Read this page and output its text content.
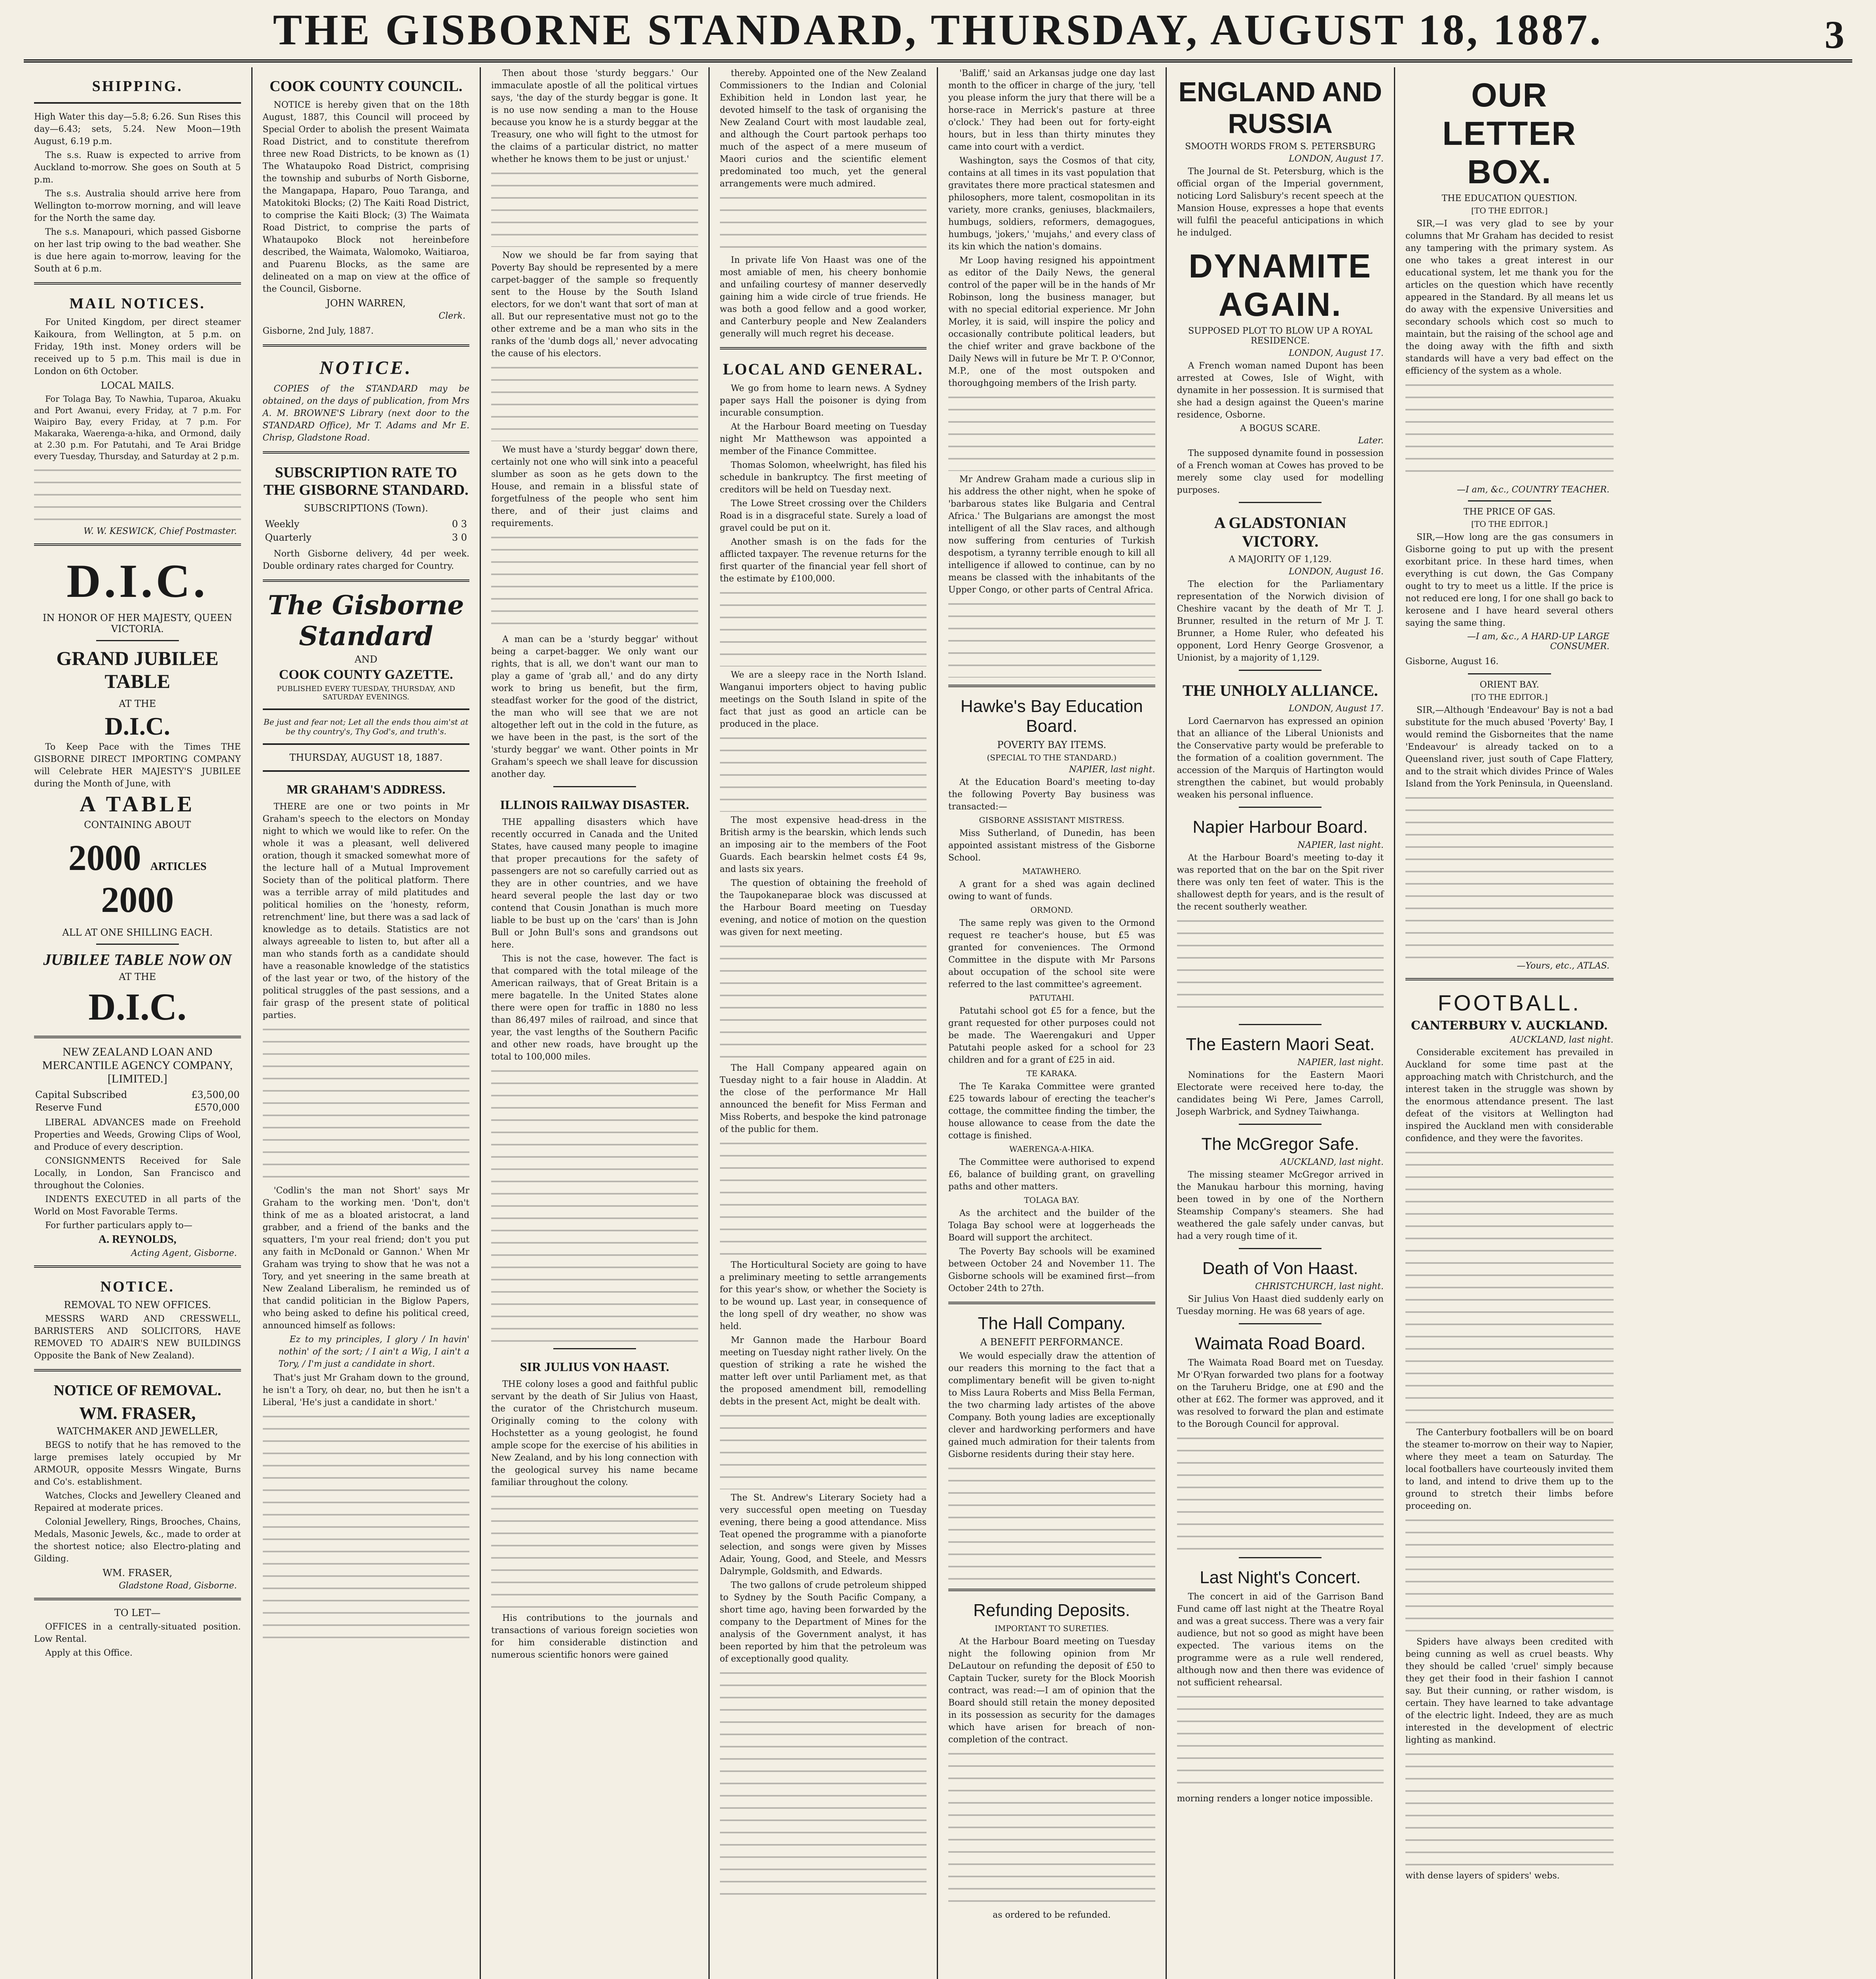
THE GISBORNE STANDARD, THURSDAY, AUGUST 18, 1887.	3
SHIPPING.

High Water this day—5.8; 6.26. Sun Rises this day—6.43; sets, 5.24. New Moon—19th August, 6.19 p.m.

The s.s. Ruaw is expected to arrive from Auckland to-morrow. She goes on South at 5 p.m.

The s.s. Australia should arrive here from Wellington to-morrow morning, and will leave for the North the same day.

The s.s. Manapouri, which passed Gisborne on her last trip owing to the bad weather. She is due here again to-morrow, leaving for the South at 6 p.m.

MAIL NOTICES.

For United Kingdom, per direct steamer Kaikoura, from Wellington, at 5 p.m. on Friday, 19th inst. Money orders will be received up to 5 p.m. This mail is due in London on 6th October.

LOCAL MAILS.

For Tolaga Bay, To Nawhia, Tuparoa, Akuaku and Port Awanui, every Friday, at 7 p.m. For Waipiro Bay, every Friday, at 7 p.m. For Makaraka, Waerenga-a-hika, and Ormond, daily at 2.30 p.m. For Patutahi, and Te Arai Bridge every Tuesday, Thursday, and Saturday at 2 p.m.

W. W. KESWICK, Chief Postmaster.
D.I.C.
IN HONOR OF HER MAJESTY, QUEEN VICTORIA.
GRAND JUBILEE TABLE
AT THE
D.I.C.

To Keep Pace with the Times THE GISBORNE DIRECT IMPORTING COMPANY will Celebrate HER MAJESTY'S JUBILEE during the Month of June, with

A TABLE
CONTAINING ABOUT
2000 ARTICLES 2000
ALL AT ONE SHILLING EACH.
JUBILEE TABLE NOW ON
AT THE
D.I.C.
NEW ZEALAND LOAN AND MERCANTILE AGENCY COMPANY, [LIMITED.]
Capital Subscribed	£3,500,00
Reserve Fund	£570,000

LIBERAL ADVANCES made on Freehold Properties and Weeds, Growing Clips of Wool, and Produce of every description.

CONSIGNMENTS Received for Sale Locally, in London, San Francisco and throughout the Colonies.

INDENTS EXECUTED in all parts of the World on Most Favorable Terms.

For further particulars apply to—

A. REYNOLDS,
Acting Agent, Gisborne.
NOTICE.
REMOVAL TO NEW OFFICES.

MESSRS WARD AND CRESSWELL, BARRISTERS AND SOLICITORS, HAVE REMOVED TO ADAIR'S NEW BUILDINGS Opposite the Bank of New Zealand).

NOTICE OF REMOVAL.
WM. FRASER,
WATCHMAKER AND JEWELLER,

BEGS to notify that he has removed to the large premises lately occupied by Mr ARMOUR, opposite Messrs Wingate, Burns and Co's. establishment.

Watches, Clocks and Jewellery Cleaned and Repaired at moderate prices.

Colonial Jewellery, Rings, Brooches, Chains, Medals, Masonic Jewels, &c., made to order at the shortest notice; also Electro-plating and Gilding.

WM. FRASER,
Gladstone Road, Gisborne.
TO LET—

OFFICES in a centrally-situated position. Low Rental.

Apply at this Office.

COOK COUNTY COUNCIL.

NOTICE is hereby given that on the 18th August, 1887, this Council will proceed by Special Order to abolish the present Waimata Road District, and to constitute therefrom three new Road Districts, to be known as (1) The Whataupoko Road District, comprising the township and suburbs of North Gisborne, the Mangapapa, Haparo, Pouo Taranga, and Matokitoki Blocks; (2) The Kaiti Road District, to comprise the Kaiti Block; (3) The Waimata Road District, to comprise the parts of Whataupoko Block not hereinbefore described, the Waimata, Walomoko, Waitiaroa, and Puarenu Blocks, as the same are delineated on a map on view at the office of the Council, Gisborne.

JOHN WARREN,
Clerk.

Gisborne, 2nd July, 1887.

NOTICE.

COPIES of the STANDARD may be obtained, on the days of publication, from Mrs A. M. BROWNE'S Library (next door to the STANDARD Office), Mr T. Adams and Mr E. Chrisp, Gladstone Road.

SUBSCRIPTION RATE TO THE GISBORNE STANDARD.
SUBSCRIPTIONS (Town).
Weekly	0 3
Quarterly	3 0

North Gisborne delivery, 4d per week. Double ordinary rates charged for Country.

The Gisborne Standard
AND
COOK COUNTY GAZETTE.
PUBLISHED EVERY TUESDAY, THURSDAY, AND SATURDAY EVENINGS.
Be just and fear not; Let all the ends thou aim'st at be thy country's, Thy God's, and truth's.
THURSDAY, AUGUST 18, 1887.
MR GRAHAM'S ADDRESS.

THERE are one or two points in Mr Graham's speech to the electors on Monday night to which we would like to refer. On the whole it was a pleasant, well delivered oration, though it smacked somewhat more of the lecture hall of a Mutual Improvement Society than of the political platform. There was a terrible array of mild platitudes and political homilies on the 'honesty, reform, retrenchment' line, but there was a sad lack of knowledge as to details. Statistics are not always agreeable to listen to, but after all a man who stands forth as a candidate should have a reasonable knowledge of the statistics of the last year or two, of the history of the political struggles of the past sessions, and a fair grasp of the present state of political parties.

'Codlin's the man not Short' says Mr Graham to the working men. 'Don't, don't think of me as a bloated aristocrat, a land grabber, and a friend of the banks and the squatters, I'm your real friend; don't you put any faith in McDonald or Gannon.' When Mr Graham was trying to show that he was not a Tory, and yet sneering in the same breath at New Zealand Liberalism, he reminded us of that candid politician in the Biglow Papers, who being asked to define his political creed, announced himself as follows:

Ez to my principles, I glory / In havin' nothin' of the sort; / I ain't a Wig, I ain't a Tory, / I'm just a candidate in short.

That's just Mr Graham down to the ground, he isn't a Tory, oh dear, no, but then he isn't a Liberal, 'He's just a candidate in short.'

Then about those 'sturdy beggars.' Our immaculate apostle of all the political virtues says, 'the day of the sturdy beggar is gone. It is no use now sending a man to the House because you know he is a sturdy beggar at the Treasury, one who will fight to the utmost for the claims of a particular district, no matter whether he knows them to be just or unjust.'

Now we should be far from saying that Poverty Bay should be represented by a mere carpet-bagger of the sample so frequently sent to the House by the South Island electors, for we don't want that sort of man at all. But our representative must not go to the other extreme and be a man who sits in the ranks of the 'dumb dogs all,' never advocating the cause of his electors.

We must have a 'sturdy beggar' down there, certainly not one who will sink into a peaceful slumber as soon as he gets down to the House, and remain in a blissful state of forgetfulness of the people who sent him there, and of their just claims and requirements.

A man can be a 'sturdy beggar' without being a carpet-bagger. We only want our rights, that is all, we don't want our man to play a game of 'grab all,' and do any dirty work to bring us benefit, but the firm, steadfast worker for the good of the district, the man who will see that we are not altogether left out in the cold in the future, as we have been in the past, is the sort of the 'sturdy beggar' we want. Other points in Mr Graham's speech we shall leave for discussion another day.

ILLINOIS RAILWAY DISASTER.

THE appalling disasters which have recently occurred in Canada and the United States, have caused many people to imagine that proper precautions for the safety of passengers are not so carefully carried out as they are in other countries, and we have heard several people the last day or two contend that Cousin Jonathan is much more liable to be bust up on the 'cars' than is John Bull or John Bull's sons and grandsons out here.

This is not the case, however. The fact is that compared with the total mileage of the American railways, that of Great Britain is a mere bagatelle. In the United States alone there were open for traffic in 1880 no less than 86,497 miles of railroad, and since that year, the vast lengths of the Southern Pacific and other new roads, have brought up the total to 100,000 miles.

SIR JULIUS VON HAAST.

THE colony loses a good and faithful public servant by the death of Sir Julius von Haast, the curator of the Christchurch museum. Originally coming to the colony with Hochstetter as a young geologist, he found ample scope for the exercise of his abilities in New Zealand, and by his long connection with the geological survey his name became familiar throughout the colony.

His contributions to the journals and transactions of various foreign societies won for him considerable distinction and numerous scientific honors were gained

thereby. Appointed one of the New Zealand Commissioners to the Indian and Colonial Exhibition held in London last year, he devoted himself to the task of organising the New Zealand Court with most laudable zeal, and although the Court partook perhaps too much of the aspect of a mere museum of Maori curios and the scientific element predominated too much, yet the general arrangements were much admired.

In private life Von Haast was one of the most amiable of men, his cheery bonhomie and unfailing courtesy of manner deservedly gaining him a wide circle of true friends. He was both a good fellow and a good worker, and Canterbury people and New Zealanders generally will much regret his decease.

LOCAL AND GENERAL.

We go from home to learn news. A Sydney paper says Hall the poisoner is dying from incurable consumption.

At the Harbour Board meeting on Tuesday night Mr Matthewson was appointed a member of the Finance Committee.

Thomas Solomon, wheelwright, has filed his schedule in bankruptcy. The first meeting of creditors will be held on Tuesday next.

The Lowe Street crossing over the Childers Road is in a disgraceful state. Surely a load of gravel could be put on it.

Another smash is on the fads for the afflicted taxpayer. The revenue returns for the first quarter of the financial year fell short of the estimate by £100,000.

We are a sleepy race in the North Island. Wanganui importers object to having public meetings on the South Island in spite of the fact that just as good an article can be produced in the place.

The most expensive head-dress in the British army is the bearskin, which lends such an imposing air to the members of the Foot Guards. Each bearskin helmet costs £4 9s, and lasts six years.

The question of obtaining the freehold of the Taupokaneparae block was discussed at the Harbour Board meeting on Tuesday evening, and notice of motion on the question was given for next meeting.

The Hall Company appeared again on Tuesday night to a fair house in Aladdin. At the close of the performance Mr Hall announced the benefit for Miss Ferman and Miss Roberts, and bespoke the kind patronage of the public for them.

The Horticultural Society are going to have a preliminary meeting to settle arrangements for this year's show, or whether the Society is to be wound up. Last year, in consequence of the long spell of dry weather, no show was held.

Mr Gannon made the Harbour Board meeting on Tuesday night rather lively. On the question of striking a rate he wished the matter left over until Parliament met, as that the proposed amendment bill, remodelling debts in the present Act, might be dealt with.

The St. Andrew's Literary Society had a very successful open meeting on Tuesday evening, there being a good attendance. Miss Teat opened the programme with a pianoforte selection, and songs were given by Misses Adair, Young, Good, and Steele, and Messrs Dalrymple, Goldsmith, and Edwards.

The two gallons of crude petroleum shipped to Sydney by the South Pacific Company, a short time ago, having been forwarded by the company to the Department of Mines for the analysis of the Government analyst, it has been reported by him that the petroleum was of exceptionally good quality.

'Baliff,' said an Arkansas judge one day last month to the officer in charge of the jury, 'tell you please inform the jury that there will be a horse-race in Merrick's pasture at three o'clock.' They had been out for forty-eight hours, but in less than thirty minutes they came into court with a verdict.

Washington, says the Cosmos of that city, contains at all times in its vast population that gravitates there more practical statesmen and philosophers, more talent, cosmopolitan in its variety, more cranks, geniuses, blackmailers, humbugs, soldiers, reformers, demagogues, humbugs, 'jokers,' 'mujahs,' and every class of its kin which the nation's domains.

Mr Loop having resigned his appointment as editor of the Daily News, the general control of the paper will be in the hands of Mr Robinson, long the business manager, but with no special editorial experience. Mr John Morley, it is said, will inspire the policy and occasionally contribute political leaders, but the chief writer and grave backbone of the Daily News will in future be Mr T. P. O'Connor, M.P., one of the most outspoken and thoroughgoing members of the Irish party.

Mr Andrew Graham made a curious slip in his address the other night, when he spoke of 'barbarous states like Bulgaria and Central Africa.' The Bulgarians are amongst the most intelligent of all the Slav races, and although now suffering from centuries of Turkish despotism, a tyranny terrible enough to kill all intelligence if allowed to continue, can by no means be classed with the inhabitants of the Upper Congo, or other parts of Central Africa.

Hawke's Bay Education Board.
POVERTY BAY ITEMS.
(SPECIAL TO THE STANDARD.)
NAPIER, last night.

At the Education Board's meeting to-day the following Poverty Bay business was transacted:—

GISBORNE ASSISTANT MISTRESS.

Miss Sutherland, of Dunedin, has been appointed assistant mistress of the Gisborne School.

MATAWHERO.

A grant for a shed was again declined owing to want of funds.

ORMOND.

The same reply was given to the Ormond request re teacher's house, but £5 was granted for conveniences. The Ormond Committee in the dispute with Mr Parsons about occupation of the school site were referred to the last committee's agreement.

PATUTAHI.

Patutahi school got £5 for a fence, but the grant requested for other purposes could not be made. The Waerengakuri and Upper Patutahi people asked for a school for 23 children and for a grant of £25 in aid.

TE KARAKA.

The Te Karaka Committee were granted £25 towards labour of erecting the teacher's cottage, the committee finding the timber, the house allowance to cease from the date the cottage is finished.

WAERENGA-A-HIKA.

The Committee were authorised to expend £6, balance of building grant, on gravelling paths and other matters.

TOLAGA BAY.

As the architect and the builder of the Tolaga Bay school were at loggerheads the Board will support the architect.

The Poverty Bay schools will be examined between October 24 and November 11. The Gisborne schools will be examined first—from October 24th to 27th.

The Hall Company.
A BENEFIT PERFORMANCE.

We would especially draw the attention of our readers this morning to the fact that a complimentary benefit will be given to-night to Miss Laura Roberts and Miss Bella Ferman, the two charming lady artistes of the above Company. Both young ladies are exceptionally clever and hardworking performers and have gained much admiration for their talents from Gisborne residents during their stay here.

Refunding Deposits.
IMPORTANT TO SURETIES.

At the Harbour Board meeting on Tuesday night the following opinion from Mr DeLautour on refunding the deposit of £50 to Captain Tucker, surety for the Block Moorish contract, was read:—I am of opinion that the Board should still retain the money deposited in its possession as security for the damages which have arisen for breach of non-completion of the contract.

as ordered to be refunded.

ENGLAND AND RUSSIA
SMOOTH WORDS FROM S. PETERSBURG
LONDON, August 17.

The Journal de St. Petersburg, which is the official organ of the Imperial government, noticing Lord Salisbury's recent speech at the Mansion House, expresses a hope that events will fulfil the peaceful anticipations in which he indulged.

DYNAMITE AGAIN.
SUPPOSED PLOT TO BLOW UP A ROYAL RESIDENCE.
LONDON, August 17.

A French woman named Dupont has been arrested at Cowes, Isle of Wight, with dynamite in her possession. It is surmised that she had a design against the Queen's marine residence, Osborne.

A BOGUS SCARE.
Later.

The supposed dynamite found in possession of a French woman at Cowes has proved to be merely some clay used for modelling purposes.

A GLADSTONIAN VICTORY.
A MAJORITY OF 1,129.
LONDON, August 16.

The election for the Parliamentary representation of the Norwich division of Cheshire vacant by the death of Mr T. J. Brunner, resulted in the return of Mr J. T. Brunner, a Home Ruler, who defeated his opponent, Lord Henry George Grosvenor, a Unionist, by a majority of 1,129.

THE UNHOLY ALLIANCE.
LONDON, August 17.

Lord Caernarvon has expressed an opinion that an alliance of the Liberal Unionists and the Conservative party would be preferable to the formation of a coalition government. The accession of the Marquis of Hartington would strengthen the cabinet, but would probably weaken his personal influence.

Napier Harbour Board.
NAPIER, last night.

At the Harbour Board's meeting to-day it was reported that on the bar on the Spit river there was only ten feet of water. This is the shallowest depth for years, and is the result of the recent southerly weather.

The Eastern Maori Seat.
NAPIER, last night.

Nominations for the Eastern Maori Electorate were received here to-day, the candidates being Wi Pere, James Carroll, Joseph Warbrick, and Sydney Taiwhanga.

The McGregor Safe.
AUCKLAND, last night.

The missing steamer McGregor arrived in the Manukau harbour this morning, having been towed in by one of the Northern Steamship Company's steamers. She had weathered the gale safely under canvas, but had a very rough time of it.

Death of Von Haast.
CHRISTCHURCH, last night.

Sir Julius Von Haast died suddenly early on Tuesday morning. He was 68 years of age.

Waimata Road Board.

The Waimata Road Board met on Tuesday. Mr O'Ryan forwarded two plans for a footway on the Taruheru Bridge, one at £90 and the other at £62. The former was approved, and it was resolved to forward the plan and estimate to the Borough Council for approval.

Last Night's Concert.

The concert in aid of the Garrison Band Fund came off last night at the Theatre Royal and was a great success. There was a very fair audience, but not so good as might have been expected. The various items on the programme were as a rule well rendered, although now and then there was evidence of not sufficient rehearsal.

morning renders a longer notice impossible.

OUR LETTER BOX.
THE EDUCATION QUESTION.
[TO THE EDITOR.]

SIR,—I was very glad to see by your columns that Mr Graham has decided to resist any tampering with the primary system. As one who takes a great interest in our educational system, let me thank you for the articles on the question which have recently appeared in the Standard. By all means let us do away with the expensive Universities and secondary schools which cost so much to maintain, but the raising of the school age and the doing away with the fifth and sixth standards will have a very bad effect on the efficiency of the system as a whole.

—I am, &c., COUNTRY TEACHER.
THE PRICE OF GAS.
[TO THE EDITOR.]

SIR,—How long are the gas consumers in Gisborne going to put up with the present exorbitant price. In these hard times, when everything is cut down, the Gas Company ought to try to meet us a little. If the price is not reduced ere long, I for one shall go back to kerosene and I have heard several others saying the same thing.

—I am, &c., A HARD-UP LARGE CONSUMER.

Gisborne, August 16.

ORIENT BAY.
[TO THE EDITOR.]

SIR,—Although 'Endeavour' Bay is not a bad substitute for the much abused 'Poverty' Bay, I would remind the Gisborneites that the name 'Endeavour' is already tacked on to a Queensland river, just south of Cape Flattery, and to the strait which divides Prince of Wales Island from the York Peninsula, in Queensland.

—Yours, etc., ATLAS.
FOOTBALL.
CANTERBURY V. AUCKLAND.
AUCKLAND, last night.

Considerable excitement has prevailed in Auckland for some time past at the approaching match with Christchurch, and the interest taken in the struggle was shown by the enormous attendance present. The last defeat of the visitors at Wellington had inspired the Auckland men with considerable confidence, and they were the favorites.

The Canterbury footballers will be on board the steamer to-morrow on their way to Napier, where they meet a team on Saturday. The local footballers have courteously invited them to land, and intend to drive them up to the ground to stretch their limbs before proceeding on.

Spiders have always been credited with being cunning as well as cruel beasts. Why they should be called 'cruel' simply because they get their food in their fashion I cannot say. But their cunning, or rather wisdom, is certain. They have learned to take advantage of the electric light. Indeed, they are as much interested in the development of electric lighting as mankind.

with dense layers of spiders' webs.
